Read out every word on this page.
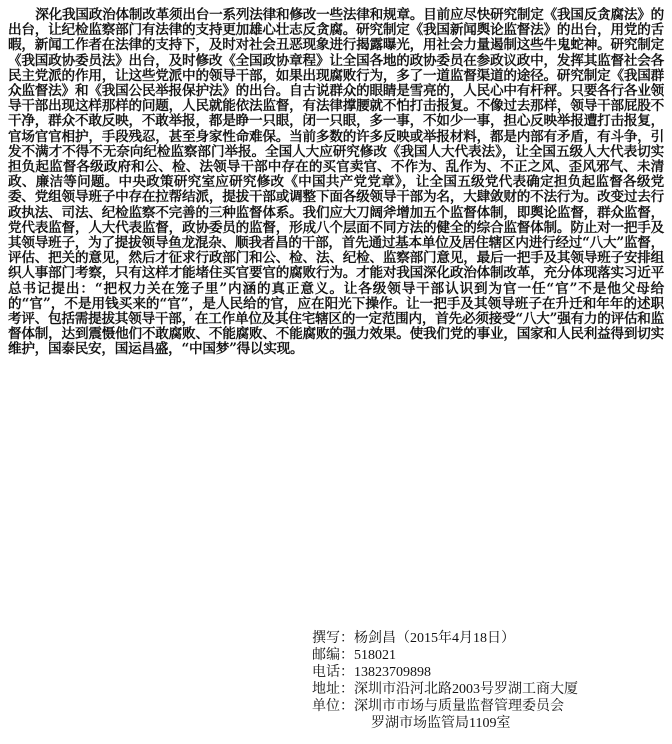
深化我国政治体制改革须出台一系列法律和修改一些法律和规章。目前应尽快研究制定《我国反贪腐法》的出台，让纪检监察部门有法律的支持更加雄心壮志反贪腐。研究制定《我国新闻舆论监督法》的出台，用党的舌暇，新闻工作者在法律的支持下，及时对社会丑恶现象进行揭露曝光，用社会力量遏制这些牛鬼蛇神。研究制定《我国政协委员法》出台，及时修改《全国政协章程》让全国各地的政协委员在参政议政中，发挥其监督社会各民主党派的作用，让这些党派中的领导干部，如果出现腐败行为，多了一道监督渠道的途径。研究制定《我国群众监督法》和《我国公民举报保护法》的出台。自古说群众的眼睛是雪亮的，人民心中有杆秤。只要各行各业领导干部出现这样那样的问题，人民就能依法监督，有法律撑腰就不怕打击报复。不像过去那样，领导干部屁股不干净，群众不敢反映，不敢举报，都是睁一只眼，闭一只眼，多一事，不如少一事，担心反映举报遭打击报复，官场官官相护，手段残忍，甚至身家性命难保。当前多数的许多反映或举报材料，都是内部有矛盾，有斗争，引发不满才不得不无奈向纪检监察部门举报。全国人大应研究修改《我国人大代表法》，让全国五级人大代表切实担负起监督各级政府和公、检、法领导干部中存在的买官卖官、不作为、乱作为、不正之风、歪风邪气、未清政、廉洁等问题。中央政策研究室应研究修改《中国共产党党章》，让全国五级党代表确定担负起监督各级党委、党组领导班子中存在拉帮结派，提拔干部或调整下面各级领导干部为名，大肆敛财的不法行为。改变过去行政执法、司法、纪检监察不完善的三种监督体系。我们应大刀阔斧增加五个监督体制，即舆论监督，群众监督，党代表监督，人大代表监督，政协委员的监督，形成八个层面不同方法的健全的综合监督体制。防止对一把手及其领导班子，为了提拔领导鱼龙混杂、顺我者昌的干部，首先通过基本单位及居住辖区内进行经过“八大”监督，评估、把关的意见，然后才征求行政部门和公、检、法、纪检、监察部门意见，最后一把手及其领导班子安排组织人事部门考察，只有这样才能堵住买官要官的腐败行为。才能对我国深化政治体制改革，充分体现落实习近平总书记提出：“把权力关在笼子里”内涵的真正意义。让各级领导干部认识到为官一任“官”不是他父母给的“官”，不是用钱买来的“官”，是人民给的官，应在阳光下操作。让一把手及其领导班子在升迁和年年的述职考评、包括需提拔其领导干部，在工作单位及其住宅辖区的一定范围内，首先必须接受“八大”强有力的评估和监督体制，达到震慑他们不敢腐败、不能腐败、不能腐败的强力效果。使我们党的事业，国家和人民利益得到切实维护，国泰民安，国运昌盛，“中国梦”得以实现。

撰写：杨剑昌（2015年4月18日）
邮编：518021
电话：13823709898
地址：深圳市沿河北路2003号罗湖工商大厦
单位：深圳市市场与质量监督管理委员会
罗湖市场监管局1109室
